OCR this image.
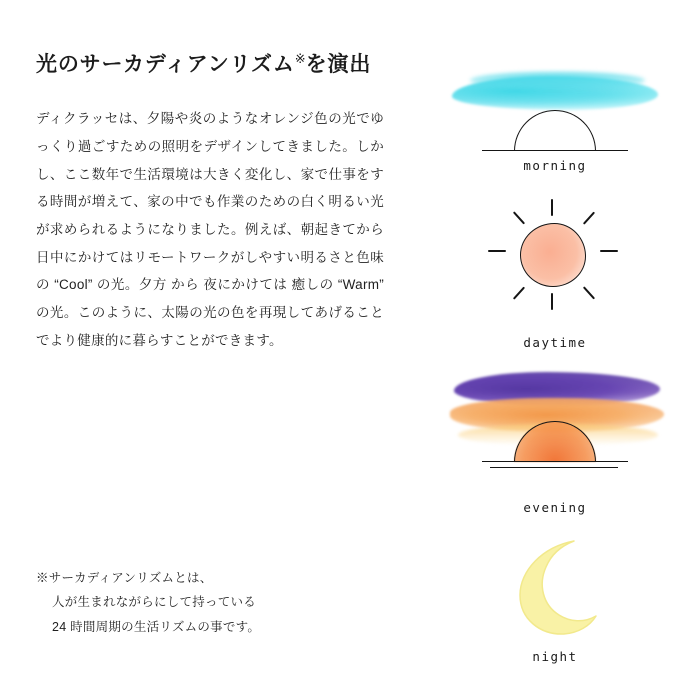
光のサーカディアンリズム※を演出

ディクラッセは、夕陽や炎のようなオレンジ色の光でゆっくり過ごすための照明をデザインしてきました。しかし、ここ数年で生活環境は大きく変化し、家で仕事をする時間が増えて、家の中でも作業のための白く明るい光が求められるようになりました。例えば、朝起きてから日中にかけてはリモートワークがしやすい明るさと色味の “Cool” の光。夕方 から 夜にかけては 癒しの “Warm” の光。このように、太陽の光の色を再現してあげることでより健康的に暮らすことができます。

※サーカディアンリズムとは、
人が生まれながらにして持っている
24 時間周期の生活リズムの事です。
morning
daytime
evening
night
